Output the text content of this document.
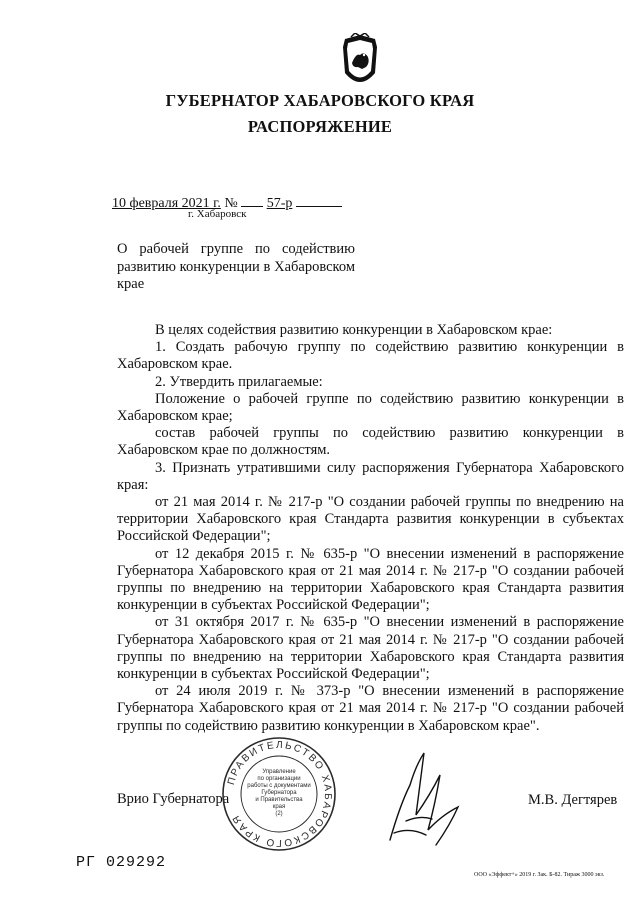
ГУБЕРНАТОР ХАБАРОВСКОГО КРАЯ
РАСПОРЯЖЕНИЕ
10 февраля 2021 г. № 57-р
г. Хабаровск
О рабочей группе по содействию развитию конкуренции в Хабаровском крае

В целях содействия развитию конкуренции в Хабаровском крае:

1. Создать рабочую группу по содействию развитию конкуренции в Хабаровском крае.

2. Утвердить прилагаемые:

Положение о рабочей группе по содействию развитию конкуренции в Хабаровском крае;

состав рабочей группы по содействию развитию конкуренции в Хабаровском крае по должностям.

3. Признать утратившими силу распоряжения Губернатора Хабаровского края:

от 21 мая 2014 г. № 217-р "О создании рабочей группы по внедрению на территории Хабаровского края Стандарта развития конкуренции в субъектах Российской Федерации";

от 12 декабря 2015 г. № 635-р "О внесении изменений в распоряжение Губернатора Хабаровского края от 21 мая 2014 г. № 217-р "О создании рабочей группы по внедрению на территории Хабаровского края Стандарта развития конкуренции в субъектах Российской Федерации";

от 31 октября 2017 г. № 635-р "О внесении изменений в распоряжение Губернатора Хабаровского края от 21 мая 2014 г. № 217-р "О создании рабочей группы по внедрению на территории Хабаровского края Стандарта развития конкуренции в субъектах Российской Федерации";

от 24 июля 2019 г. № 373-р "О внесении изменений в распоряжение Губернатора Хабаровского края от 21 мая 2014 г. № 217-р "О создании рабочей группы по содействию развитию конкуренции в Хабаровском крае".

Врио Губернатора
ПРАВИТЕЛЬСТВО ХАБАРОВСКОГО КРАЯ
Управление
по организации
работы с документами
Губернатора
и Правительства
края
(2)
М.В. Дегтярев
РГ 029292
ООО «Эффект+» 2019 г. Зак. Б-82. Тираж 3000 экз.
